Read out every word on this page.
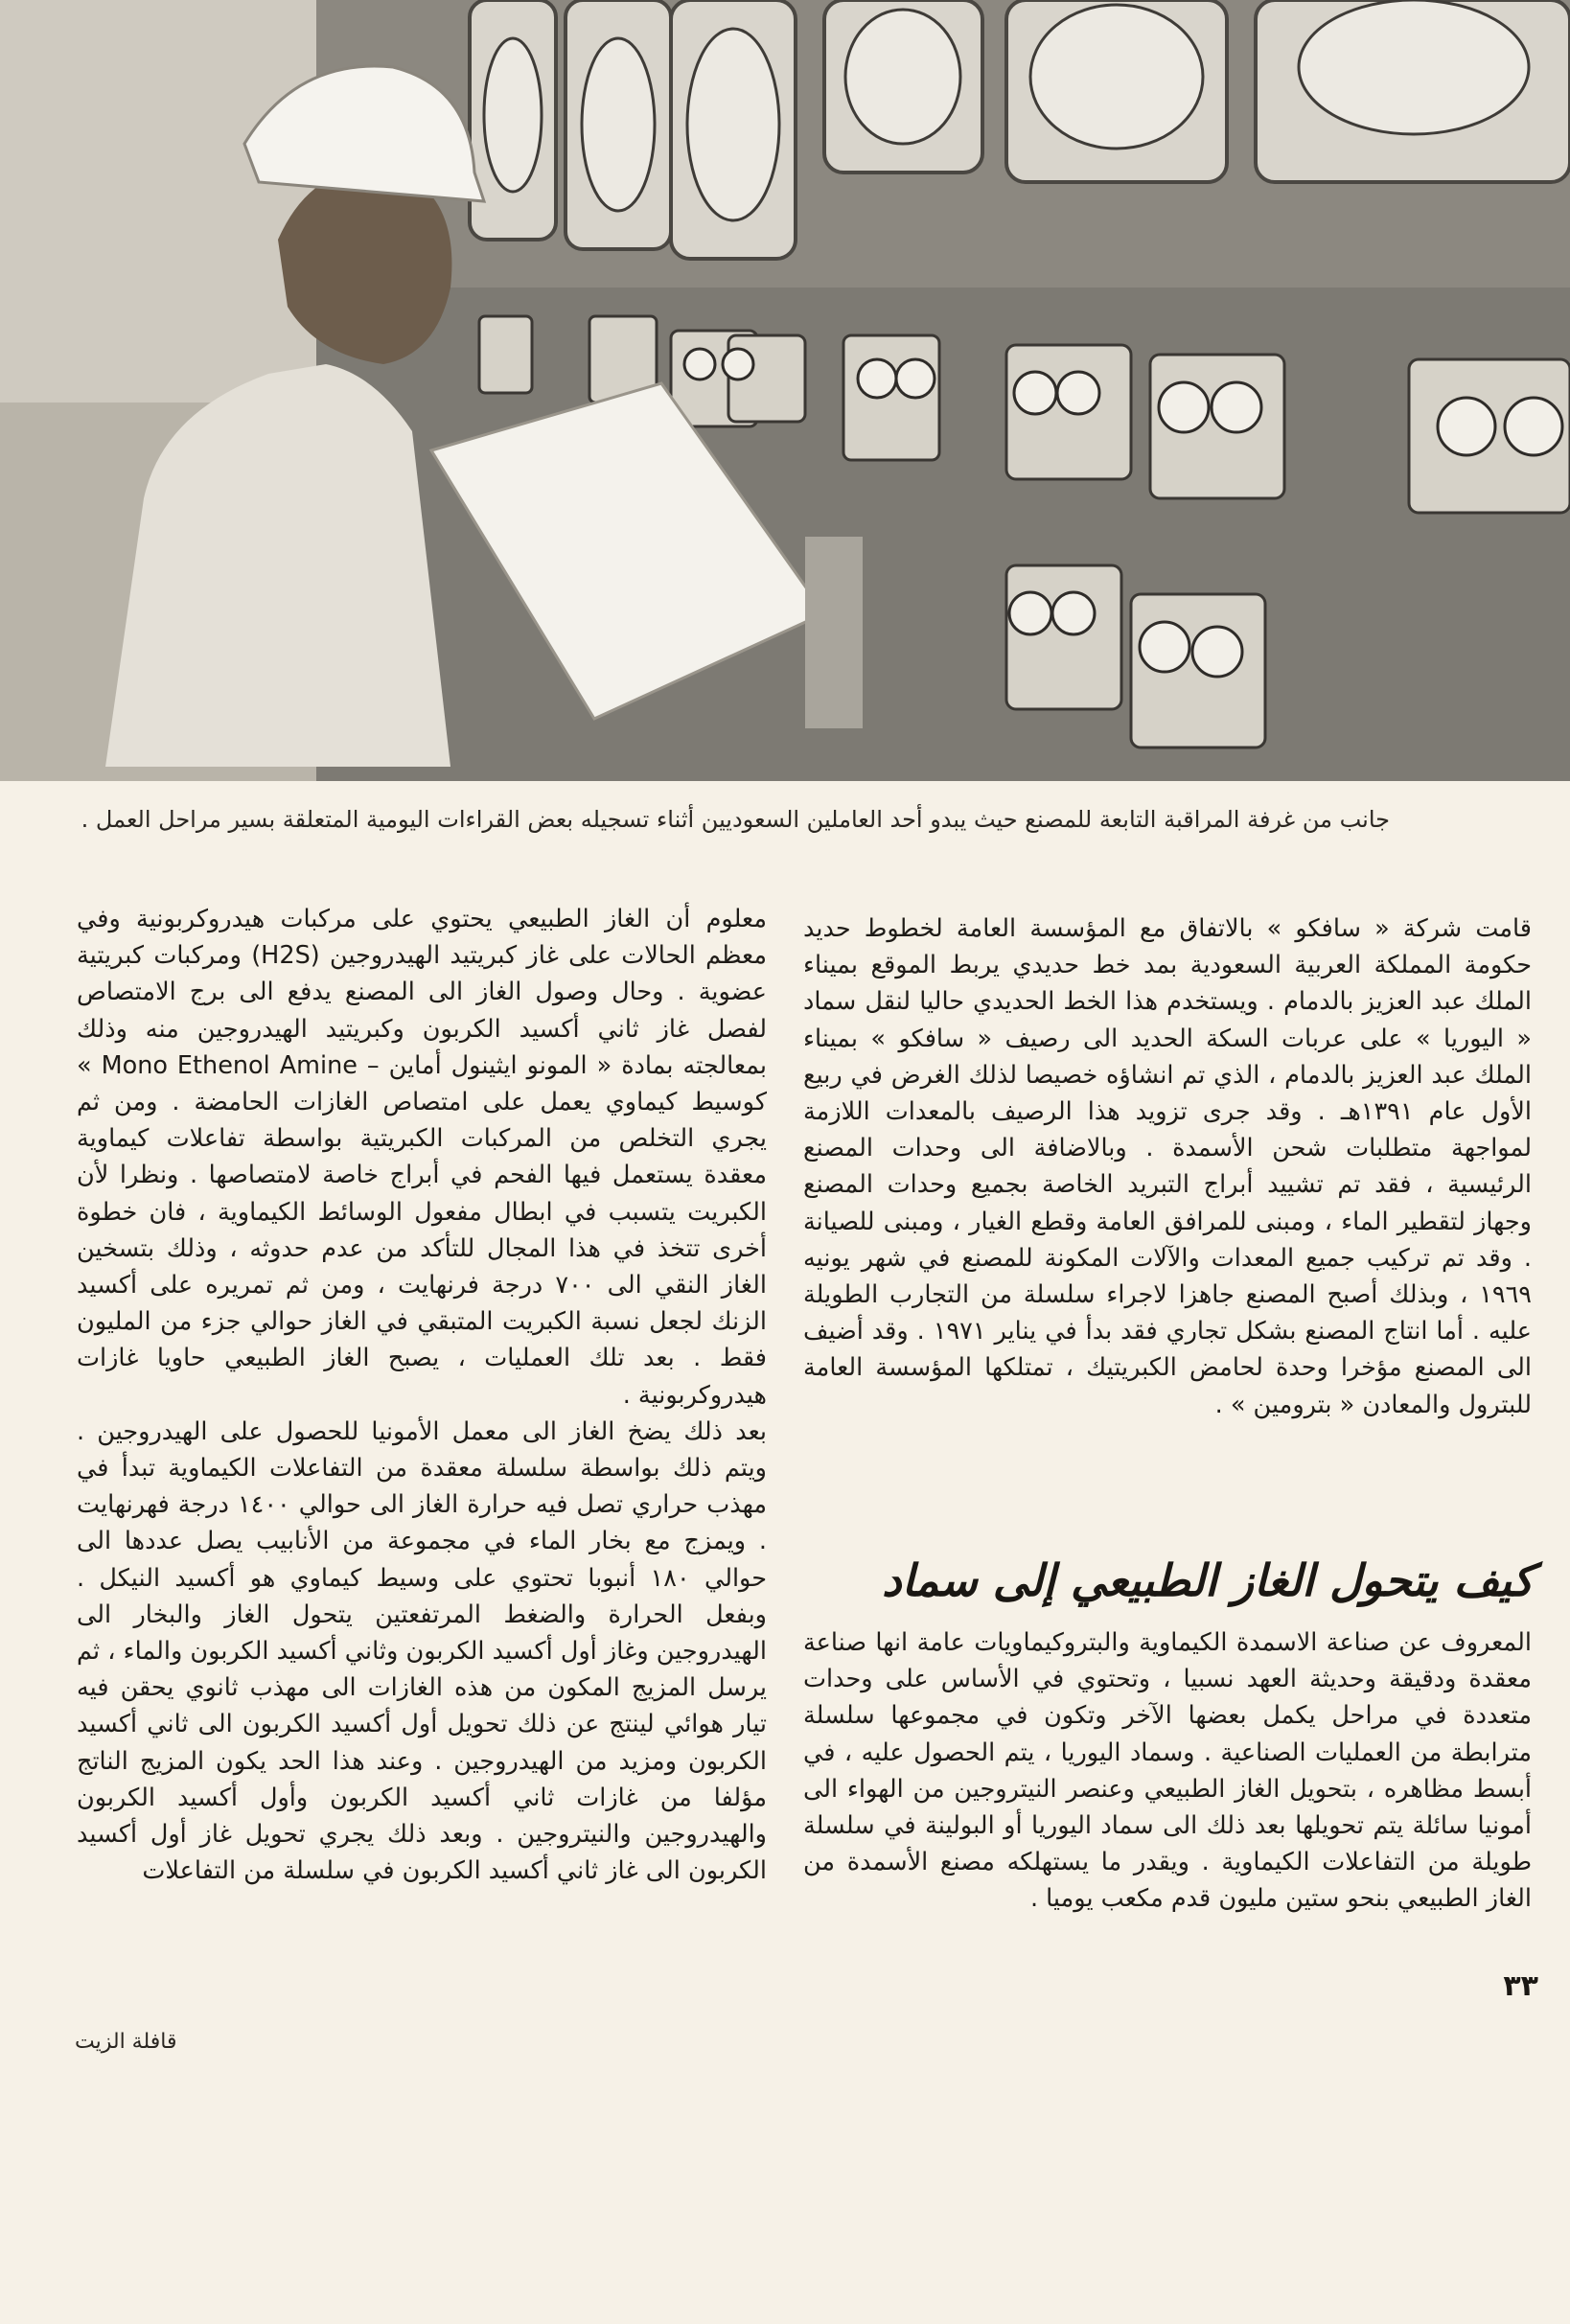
جانب من غرفة المراقبة التابعة للمصنع حيث يبدو أحد العاملين السعوديين أثناء تسجيله بعض القراءات اليومية المتعلقة بسير مراحل العمل .

قامت شركة « سافكو » بالاتفاق مع المؤسسة العامة لخطوط حديد حكومة المملكة العربية السعودية بمد خط حديدي يربط الموقع بميناء الملك عبد العزيز بالدمام . ويستخدم هذا الخط الحديدي حاليا لنقل سماد « اليوريا » على عربات السكة الحديد الى رصيف « سافكو » بميناء الملك عبد العزيز بالدمام ، الذي تم انشاؤه خصيصا لذلك الغرض في ربيع الأول عام ١٣٩١هـ . وقد جرى تزويد هذا الرصيف بالمعدات اللازمة لمواجهة متطلبات شحن الأسمدة . وبالاضافة الى وحدات المصنع الرئيسية ، فقد تم تشييد أبراج التبريد الخاصة بجميع وحدات المصنع وجهاز لتقطير الماء ، ومبنى للمرافق العامة وقطع الغيار ، ومبنى للصيانة . وقد تم تركيب جميع المعدات والآلات المكونة للمصنع في شهر يونيه ١٩٦٩ ، وبذلك أصبح المصنع جاهزا لاجراء سلسلة من التجارب الطويلة عليه . أما انتاج المصنع بشكل تجاري فقد بدأ في يناير ١٩٧١ . وقد أضيف الى المصنع مؤخرا وحدة لحامض الكبريتيك ، تمتلكها المؤسسة العامة للبترول والمعادن « بترومين » .

كيف يتحول الغاز الطبيعي إلى سماد

المعروف عن صناعة الاسمدة الكيماوية والبتروكيماويات عامة انها صناعة معقدة ودقيقة وحديثة العهد نسبيا ، وتحتوي في الأساس على وحدات متعددة في مراحل يكمل بعضها الآخر وتكون في مجموعها سلسلة مترابطة من العمليات الصناعية . وسماد اليوريا ، يتم الحصول عليه ، في أبسط مظاهره ، بتحويل الغاز الطبيعي وعنصر النيتروجين من الهواء الى أمونيا سائلة يتم تحويلها بعد ذلك الى سماد اليوريا أو البولينة في سلسلة طويلة من التفاعلات الكيماوية . ويقدر ما يستهلكه مصنع الأسمدة من الغاز الطبيعي بنحو ستين مليون قدم مكعب يوميا .

معلوم أن الغاز الطبيعي يحتوي على مركبات هيدروكربونية وفي معظم الحالات على غاز كبريتيد الهيدروجين (H2S) ومركبات كبريتية عضوية . وحال وصول الغاز الى المصنع يدفع الى برج الامتصاص لفصل غاز ثاني أكسيد الكربون وكبريتيد الهيدروجين منه وذلك بمعالجته بمادة « المونو ايثينول أماين – Mono Ethenol Amine » كوسيط كيماوي يعمل على امتصاص الغازات الحامضة . ومن ثم يجري التخلص من المركبات الكبريتية بواسطة تفاعلات كيماوية معقدة يستعمل فيها الفحم في أبراج خاصة لامتصاصها . ونظرا لأن الكبريت يتسبب في ابطال مفعول الوسائط الكيماوية ، فان خطوة أخرى تتخذ في هذا المجال للتأكد من عدم حدوثه ، وذلك بتسخين الغاز النقي الى ٧٠٠ درجة فرنهايت ، ومن ثم تمريره على أكسيد الزنك لجعل نسبة الكبريت المتبقي في الغاز حوالي جزء من المليون فقط . بعد تلك العمليات ، يصبح الغاز الطبيعي حاويا غازات هيدروكربونية .

بعد ذلك يضخ الغاز الى معمل الأمونيا للحصول على الهيدروجين . ويتم ذلك بواسطة سلسلة معقدة من التفاعلات الكيماوية تبدأ في مهذب حراري تصل فيه حرارة الغاز الى حوالي ١٤٠٠ درجة فهرنهايت . ويمزج مع بخار الماء في مجموعة من الأنابيب يصل عددها الى حوالي ١٨٠ أنبوبا تحتوي على وسيط كيماوي هو أكسيد النيكل . وبفعل الحرارة والضغط المرتفعتين يتحول الغاز والبخار الى الهيدروجين وغاز أول أكسيد الكربون وثاني أكسيد الكربون والماء ، ثم يرسل المزيج المكون من هذه الغازات الى مهذب ثانوي يحقن فيه تيار هوائي لينتج عن ذلك تحويل أول أكسيد الكربون الى ثاني أكسيد الكربون ومزيد من الهيدروجين . وعند هذا الحد يكون المزيج الناتج مؤلفا من غازات ثاني أكسيد الكربون وأول أكسيد الكربون والهيدروجين والنيتروجين . وبعد ذلك يجري تحويل غاز أول أكسيد الكربون الى غاز ثاني أكسيد الكربون في سلسلة من التفاعلات

٣٣
قافلة الزيت
